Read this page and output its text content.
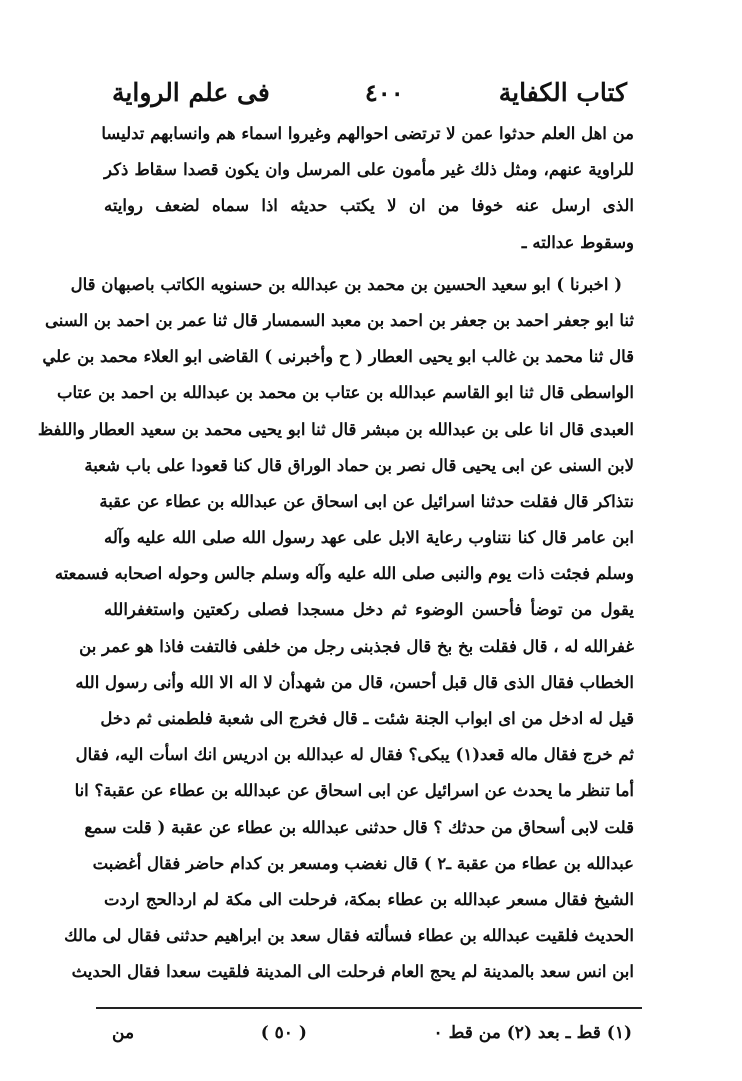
كتاب الكفاية
٤٠٠
فى علم الرواية
من اهل العلم حدثوا عمن لا ترتضى احوالهم وغيروا اسماء هم وانسابهم تدليسا
للراوية عنهم، ومثل ذلك غير مأمون على المرسل وان يكون قصدا سقاط ذكر
الذى ارسل عنه خوفا من ان لا يكتب حديثه اذا سماه لضعف روايته
وسقوط عدالته ـ
( اخبرنا ) ابو سعيد الحسين بن محمد بن عبدالله بن حسنويه الكاتب باصبهان قال
ثنا ابو جعفر احمد بن جعفر بن احمد بن معبد السمسار قال ثنا عمر بن احمد بن السنى
قال ثنا محمد بن غالب ابو يحيى العطار ( ح وأخبرنى ) القاضى ابو العلاء محمد بن علي
الواسطى قال ثنا ابو القاسم عبدالله بن عتاب بن محمد بن عبدالله بن احمد بن عتاب
العبدى قال انا على بن عبدالله بن مبشر قال ثنا ابو يحيى محمد بن سعيد العطار واللفظ
لابن السنى عن ابى يحيى قال نصر بن حماد الوراق قال كنا قعودا على باب شعبة
نتذاكر قال فقلت حدثنا اسرائيل عن ابى اسحاق عن عبدالله بن عطاء عن عقبة
ابن عامر قال كنا نتناوب رعاية الابل على عهد رسول الله صلى الله عليه وآله
وسلم فجئت ذات يوم والنبى صلى الله عليه وآله وسلم جالس وحوله اصحابه فسمعته
يقول من توضأ فأحسن الوضوء ثم دخل مسجدا فصلى ركعتين واستغفرالله
غفرالله له ، قال فقلت بخ بخ قال فجذبنى رجل من خلفى فالتفت فاذا هو عمر بن
الخطاب فقال الذى قال قبل أحسن، قال من شهدأن لا اله الا الله وأنى رسول الله
قيل له ادخل من اى ابواب الجنة شئت ـ قال فخرج الى شعبة فلطمنى ثم دخل
ثم خرج فقال ماله قعد(١) يبكى؟ فقال له عبدالله بن ادريس انك اسأت اليه، فقال
أما تنظر ما يحدث عن اسرائيل عن ابى اسحاق عن عبدالله بن عطاء عن عقبة؟ انا
قلت لابى أسحاق من حدثك ؟ قال حدثنى عبدالله بن عطاء عن عقبة ( قلت سمع
عبدالله بن عطاء من عقبة ـ٢ ) قال نغضب ومسعر بن كدام حاضر فقال أغضبت
الشيخ فقال مسعر عبدالله بن عطاء بمكة، فرحلت الى مكة لم اردالحج اردت
الحديث فلقيت عبدالله بن عطاء فسألته فقال سعد بن ابراهيم حدثنى فقال لى مالك
ابن انس سعد بالمدينة لم يحج العام فرحلت الى المدينة فلقيت سعدا فقال الحديث
(١) قط ـ بعد (٢) من قط ٠
( ٥٠ )
من
